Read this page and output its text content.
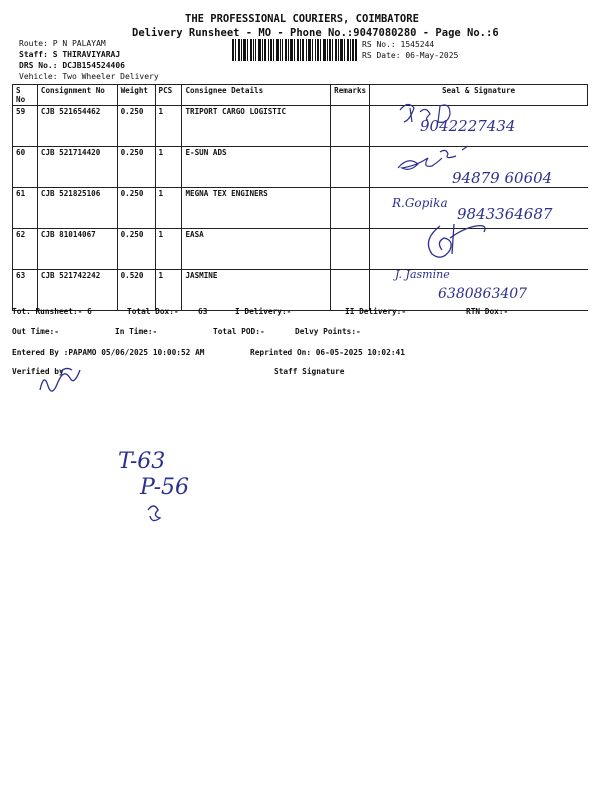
THE PROFESSIONAL COURIERS, COIMBATORE
Delivery Runsheet - MO - Phone No.:9047080280 - Page No.:6
Route: P N PALAYAM
Staff: S THIRAVIYARAJ
DRS No.: DCJB154524406
Vehicle: Two Wheeler Delivery
RS No.: 1545244
RS Date: 06-May-2025
S No	Consignment No	Weight	PCS	Consignee Details	Remarks	Seal & Signature
59	CJB 521654462	0.250	1	TRIPORT CARGO LOGISTIC		
60	CJB 521714420	0.250	1	E-SUN ADS		
61	CJB 521825106	0.250	1	MEGNA TEX ENGINERS		
62	CJB 81014067	0.250	1	EASA		
63	CJB 521742242	0.520	1	JASMINE		
Tot. Runsheet:- 6	Total Dox:- 63	I Delivery:-	II Delivery:-	RTN Dox:-
Out Time:-	In Time:-	Total POD:-	Delvy Points:-
Entered By :PAPAMO 05/06/2025 10:00:52 AM	Reprinted On: 06-05-2025 10:02:41
Verified by	Staff Signature
9042227434
94879 60604
R.Gopika
9843364687
J. Jasmine
6380863407
T-63
P-56
